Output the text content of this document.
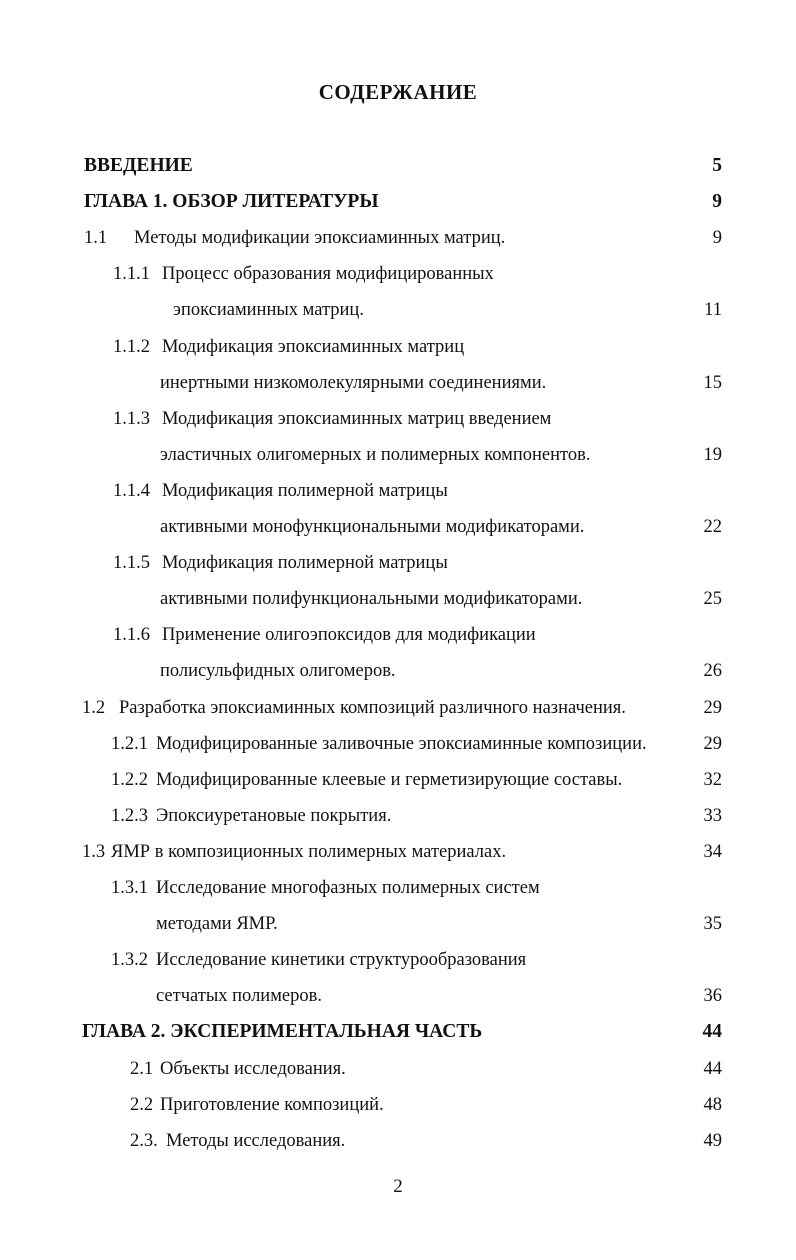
СОДЕРЖАНИЕ
ВВЕДЕНИЕ	5
ГЛАВА 1. ОБЗОР ЛИТЕРАТУРЫ	9
1.1 Методы модификации эпоксиаминных матриц.	9
1.1.1 Процесс образования модифицированных
эпоксиаминных матриц.	11
1.1.2 Модификация эпоксиаминных матриц
инертными низкомолекулярными соединениями.	15
1.1.3 Модификация эпоксиаминных матриц введением
эластичных олигомерных и полимерных компонентов.	19
1.1.4 Модификация полимерной матрицы
активными монофункциональными модификаторами.	22
1.1.5 Модификация полимерной матрицы
активными полифункциональными модификаторами.	25
1.1.6 Применение олигоэпоксидов для модификации
полисульфидных олигомеров.	26
1.2 Разработка эпоксиаминных композиций различного назначения.	29
1.2.1 Модифицированные заливочные эпоксиаминные композиции.	29
1.2.2 Модифицированные клеевые и герметизирующие составы.	32
1.2.3 Эпоксиуретановые покрытия.	33
1.3 ЯМР в композиционных полимерных материалах.	34
1.3.1 Исследование многофазных полимерных систем
методами ЯМР.	35
1.3.2 Исследование кинетики структурообразования
сетчатых полимеров.	36
ГЛАВА 2. ЭКСПЕРИМЕНТАЛЬНАЯ ЧАСТЬ	44
2.1 Объекты исследования.	44
2.2 Приготовление композиций.	48
2.3. Методы исследования.	49
2
